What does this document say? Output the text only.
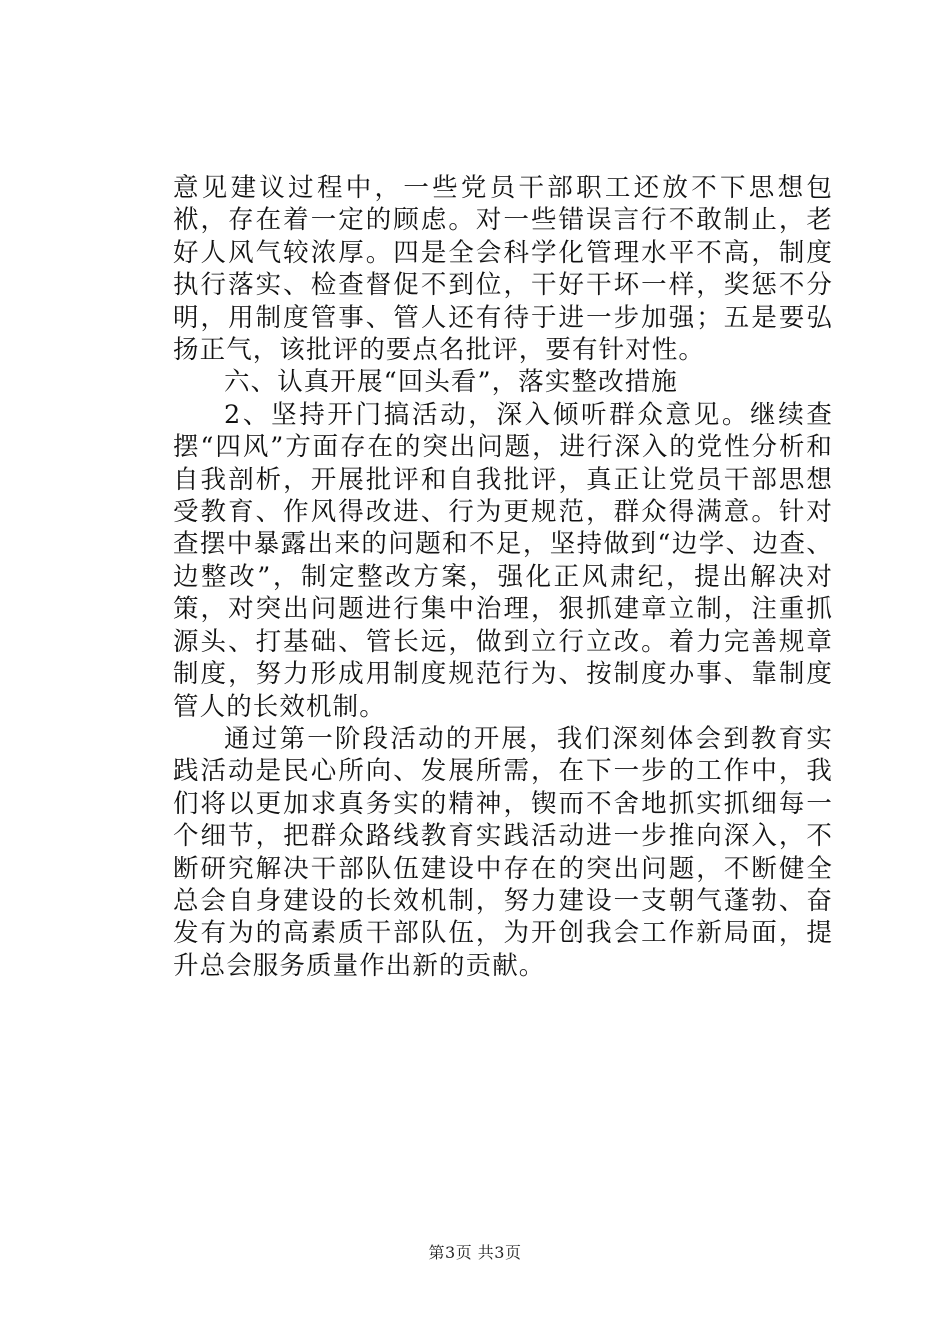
意见建议过程中，一些党员干部职工还放不下思想包袱，存在着一定的顾虑。对一些错误言行不敢制止，老好人风气较浓厚。四是全会科学化管理水平不高，制度执行落实、检查督促不到位，干好干坏一样，奖惩不分明，用制度管事、管人还有待于进一步加强；五是要弘扬正气，该批评的要点名批评，要有针对性。

六、认真开展“回头看”，落实整改措施

2、坚持开门搞活动，深入倾听群众意见。继续查摆“四风”方面存在的突出问题，进行深入的党性分析和自我剖析，开展批评和自我批评，真正让党员干部思想受教育、作风得改进、行为更规范，群众得满意。针对查摆中暴露出来的问题和不足，坚持做到“边学、边查、边整改”，制定整改方案，强化正风肃纪，提出解决对策，对突出问题进行集中治理，狠抓建章立制，注重抓源头、打基础、管长远，做到立行立改。着力完善规章制度，努力形成用制度规范行为、按制度办事、靠制度管人的长效机制。

通过第一阶段活动的开展，我们深刻体会到教育实践活动是民心所向、发展所需，在下一步的工作中，我们将以更加求真务实的精神，锲而不舍地抓实抓细每一个细节，把群众路线教育实践活动进一步推向深入，不断研究解决干部队伍建设中存在的突出问题，不断健全总会自身建设的长效机制，努力建设一支朝气蓬勃、奋发有为的高素质干部队伍，为开创我会工作新局面，提升总会服务质量作出新的贡献。

第3页 共3页
